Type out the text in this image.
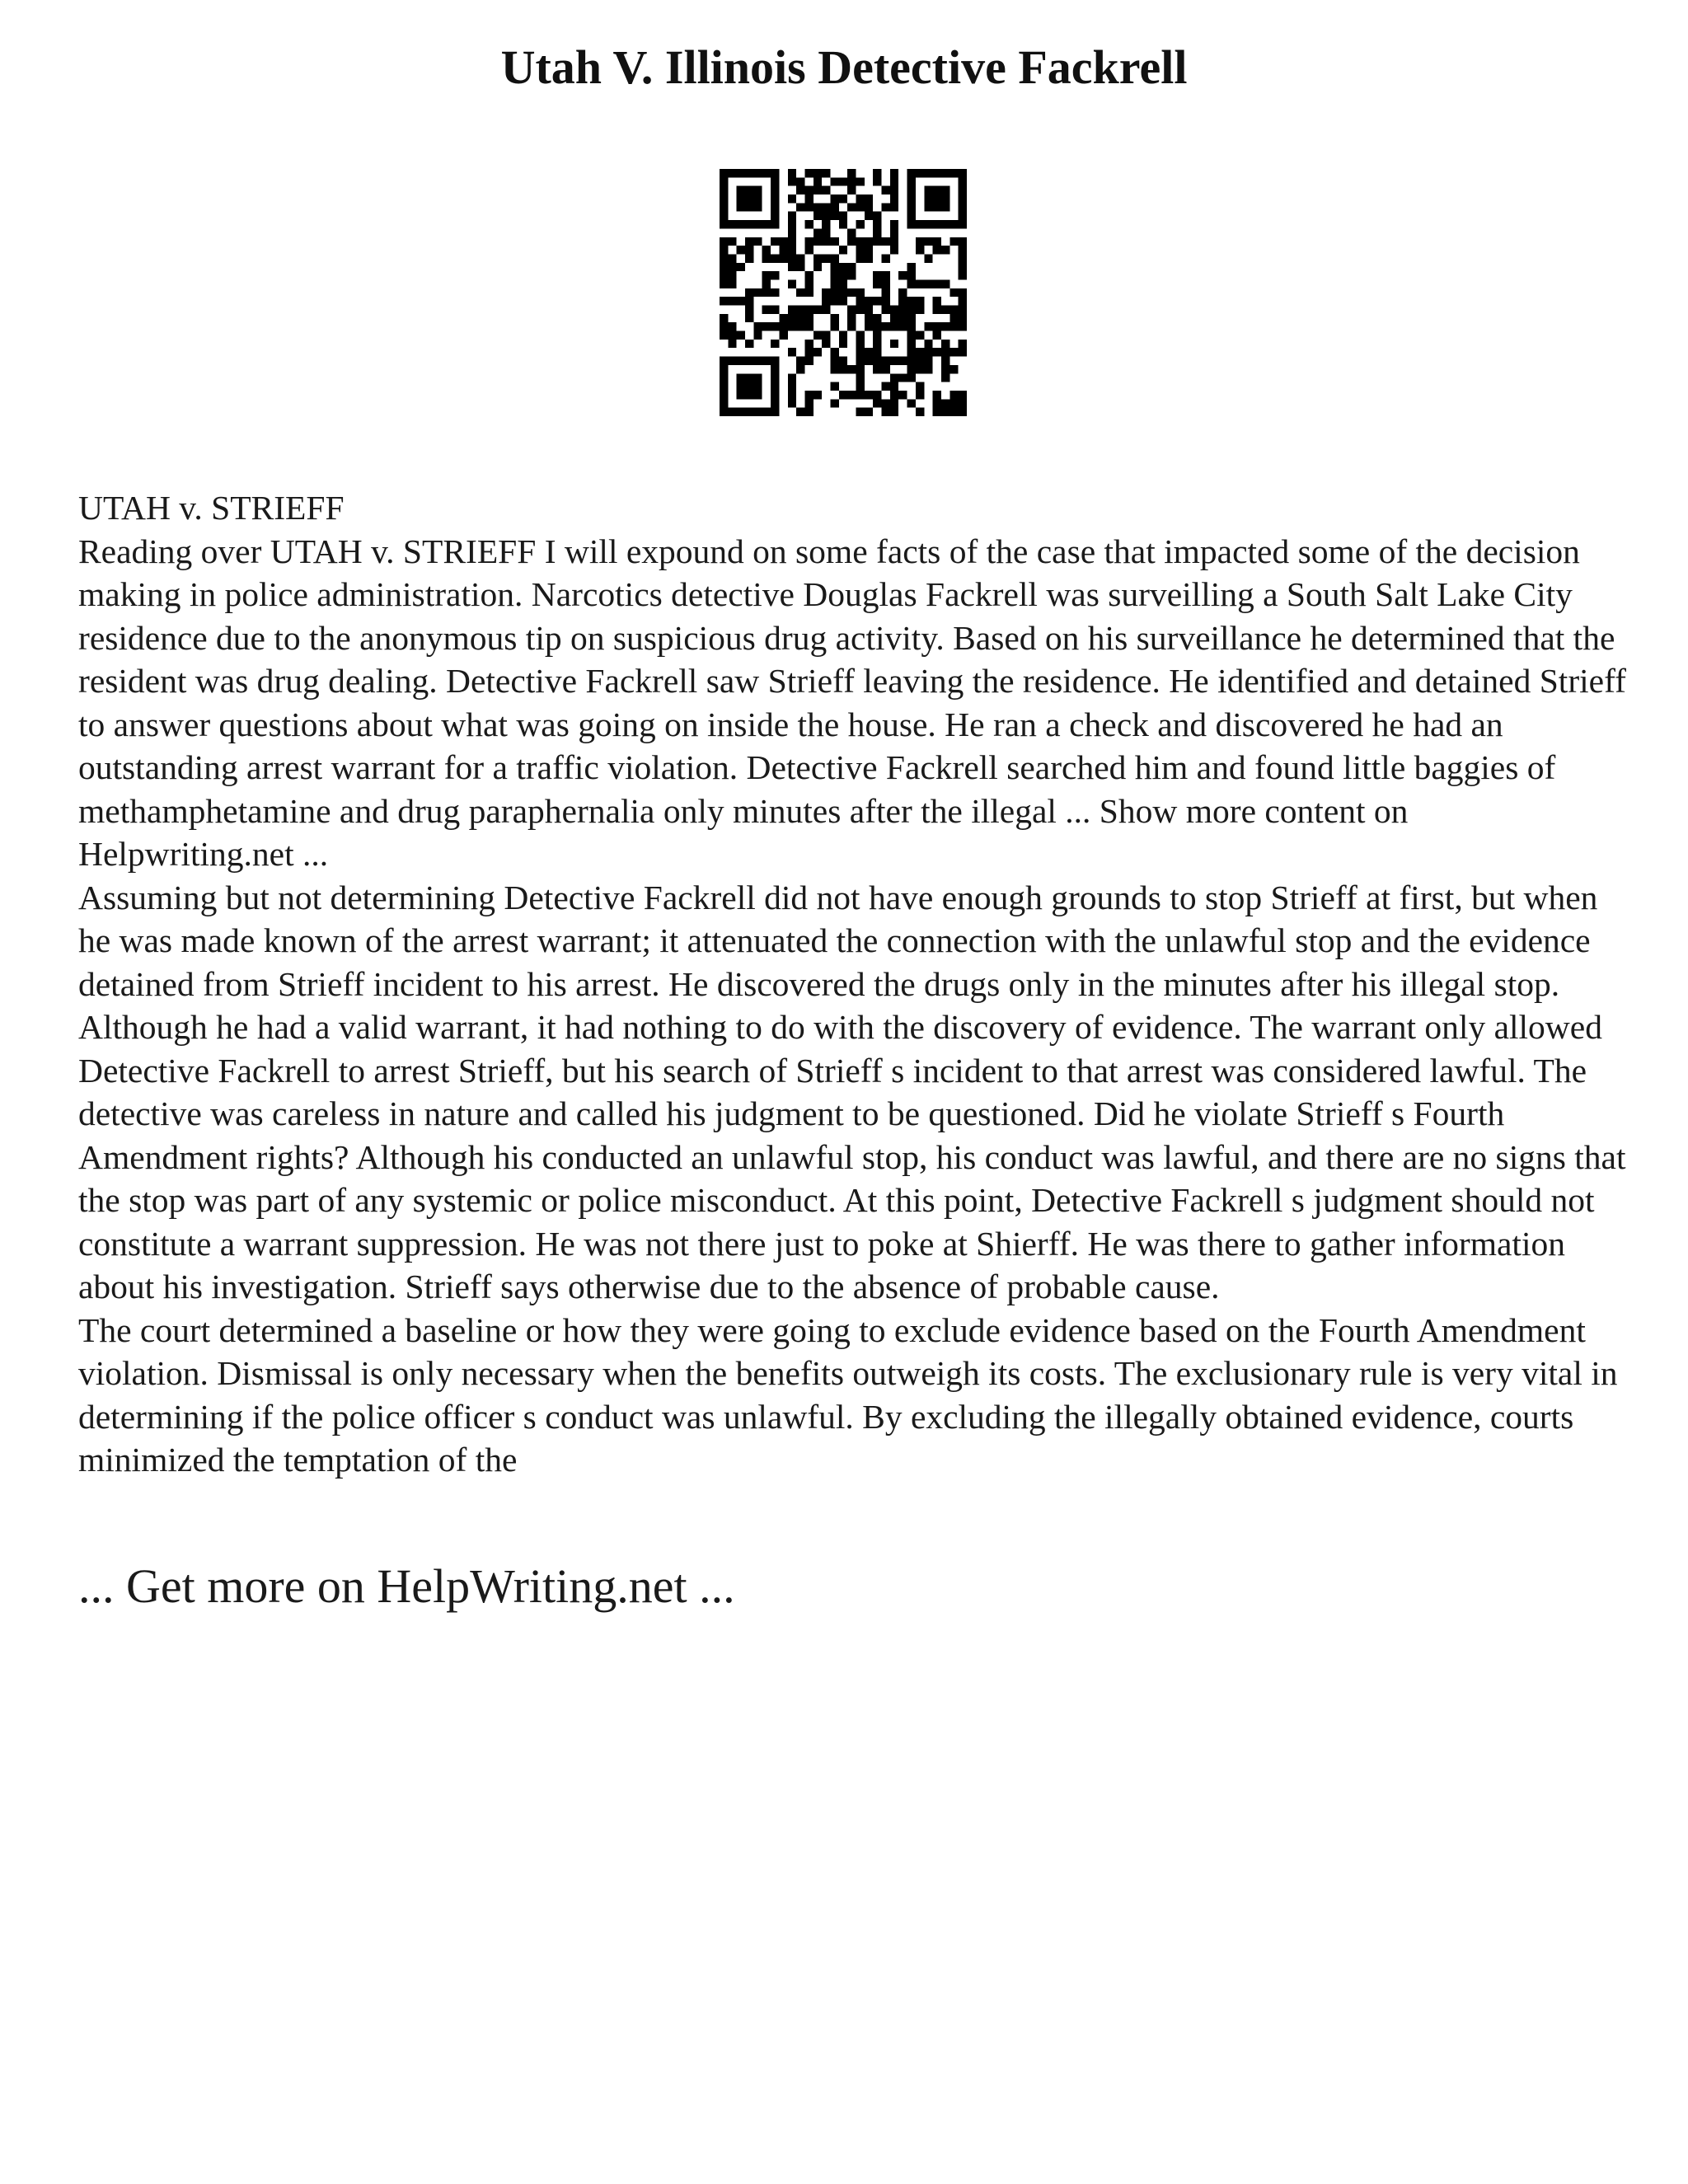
Utah V. Illinois Detective Fackrell

UTAH v. STRIEFF

Reading over UTAH v. STRIEFF I will expound on some facts of the case that impacted some of the decision making in police administration. Narcotics detective Douglas Fackrell was surveilling a South Salt Lake City residence due to the anonymous tip on suspicious drug activity. Based on his surveillance he determined that the resident was drug dealing. Detective Fackrell saw Strieff leaving the residence. He identified and detained Strieff to answer questions about what was going on inside the house. He ran a check and discovered he had an outstanding arrest warrant for a traffic violation. Detective Fackrell searched him and found little baggies of methamphetamine and drug paraphernalia only minutes after the illegal ... Show more content on Helpwriting.net ...

Assuming but not determining Detective Fackrell did not have enough grounds to stop Strieff at first, but when he was made known of the arrest warrant; it attenuated the connection with the unlawful stop and the evidence detained from Strieff incident to his arrest. He discovered the drugs only in the minutes after his illegal stop. Although he had a valid warrant, it had nothing to do with the discovery of evidence. The warrant only allowed Detective Fackrell to arrest Strieff, but his search of Strieff s incident to that arrest was considered lawful. The detective was careless in nature and called his judgment to be questioned. Did he violate Strieff s Fourth Amendment rights? Although his conducted an unlawful stop, his conduct was lawful, and there are no signs that the stop was part of any systemic or police misconduct. At this point, Detective Fackrell s judgment should not constitute a warrant suppression. He was not there just to poke at Shierff. He was there to gather information about his investigation. Strieff says otherwise due to the absence of probable cause.

The court determined a baseline or how they were going to exclude evidence based on the Fourth Amendment violation. Dismissal is only necessary when the benefits outweigh its costs. The exclusionary rule is very vital in determining if the police officer s conduct was unlawful. By excluding the illegally obtained evidence, courts minimized the temptation of the

... Get more on HelpWriting.net ...
